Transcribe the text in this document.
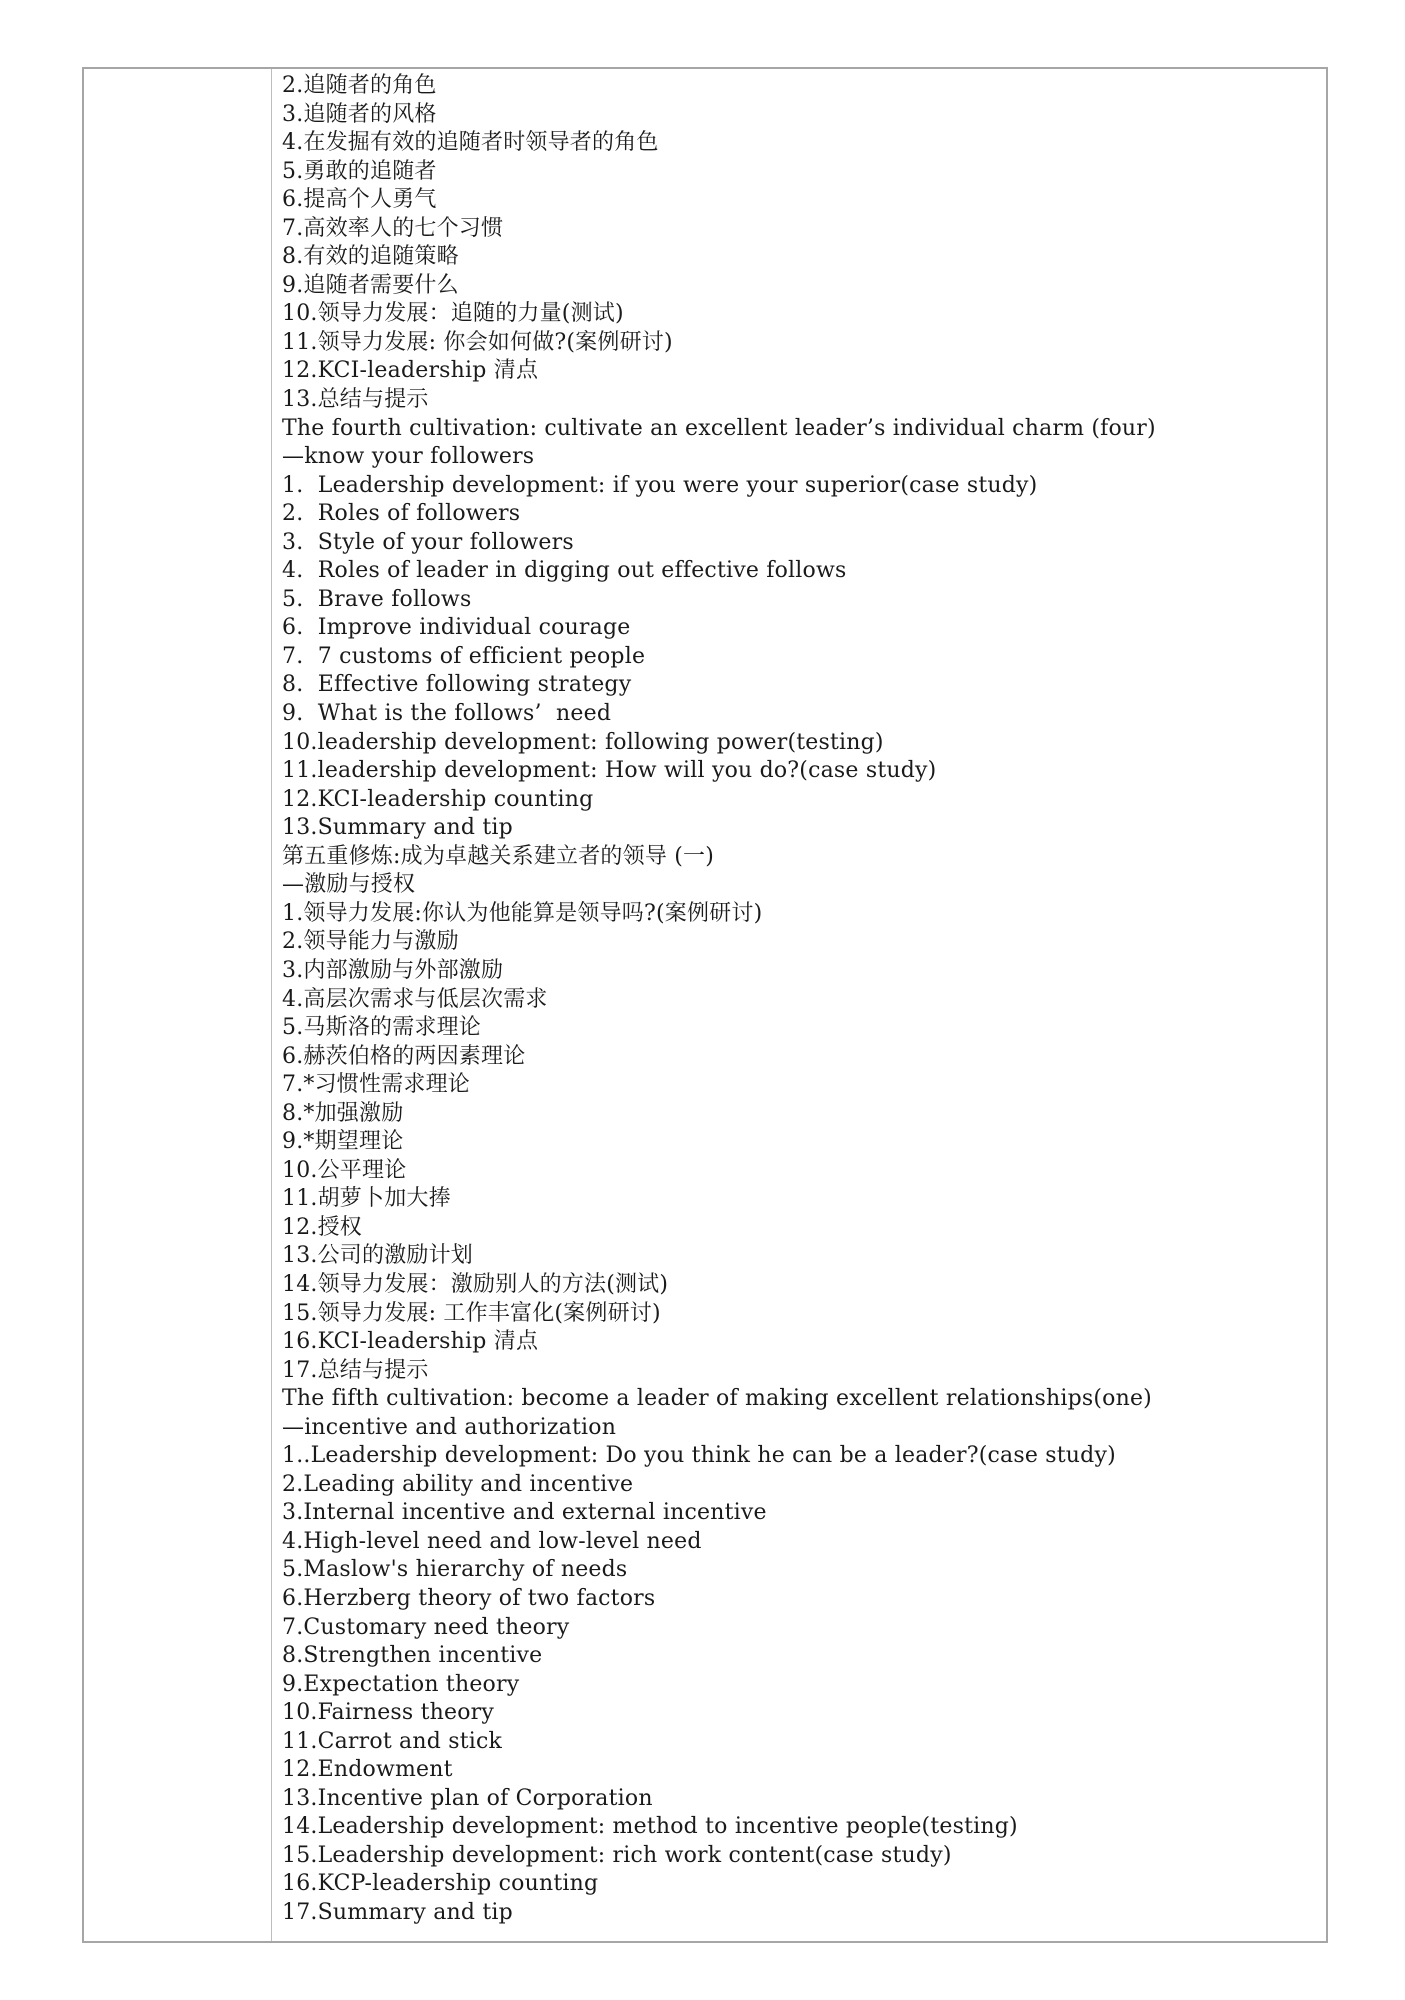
2.追随者的角色
3.追随者的风格
4.在发掘有效的追随者时领导者的角色
5.勇敢的追随者
6.提高个人勇气
7.高效率人的七个习惯
8.有效的追随策略
9.追随者需要什么
10.领导力发展：追随的力量(测试)
11.领导力发展: 你会如何做?(案例研讨)
12.KCI-leadership 清点
13.总结与提示
The fourth cultivation: cultivate an excellent leader’s individual charm (four)
—know your followers
1.  Leadership development: if you were your superior(case study)
2.  Roles of followers
3.  Style of your followers
4.  Roles of leader in digging out effective follows
5.  Brave follows
6.  Improve individual courage
7.  7 customs of efficient people
8.  Effective following strategy
9.  What is the follows’  need
10.leadership development: following power(testing)
11.leadership development: How will you do?(case study)
12.KCI-leadership counting
13.Summary and tip
第五重修炼:成为卓越关系建立者的领导 (一)
—激励与授权
1.领导力发展:你认为他能算是领导吗?(案例研讨)
2.领导能力与激励
3.内部激励与外部激励
4.高层次需求与低层次需求
5.马斯洛的需求理论
6.赫茨伯格的两因素理论
7.*习惯性需求理论
8.*加强激励
9.*期望理论
10.公平理论
11.胡萝卜加大捧
12.授权
13.公司的激励计划
14.领导力发展：激励别人的方法(测试)
15.领导力发展: 工作丰富化(案例研讨)
16.KCI-leadership 清点
17.总结与提示
The fifth cultivation: become a leader of making excellent relationships(one)
—incentive and authorization
1..Leadership development: Do you think he can be a leader?(case study)
2.Leading ability and incentive
3.Internal incentive and external incentive
4.High-level need and low-level need
5.Maslow's hierarchy of needs
6.Herzberg theory of two factors
7.Customary need theory
8.Strengthen incentive
9.Expectation theory
10.Fairness theory
11.Carrot and stick
12.Endowment
13.Incentive plan of Corporation
14.Leadership development: method to incentive people(testing)
15.Leadership development: rich work content(case study)
16.KCP-leadership counting
17.Summary and tip
